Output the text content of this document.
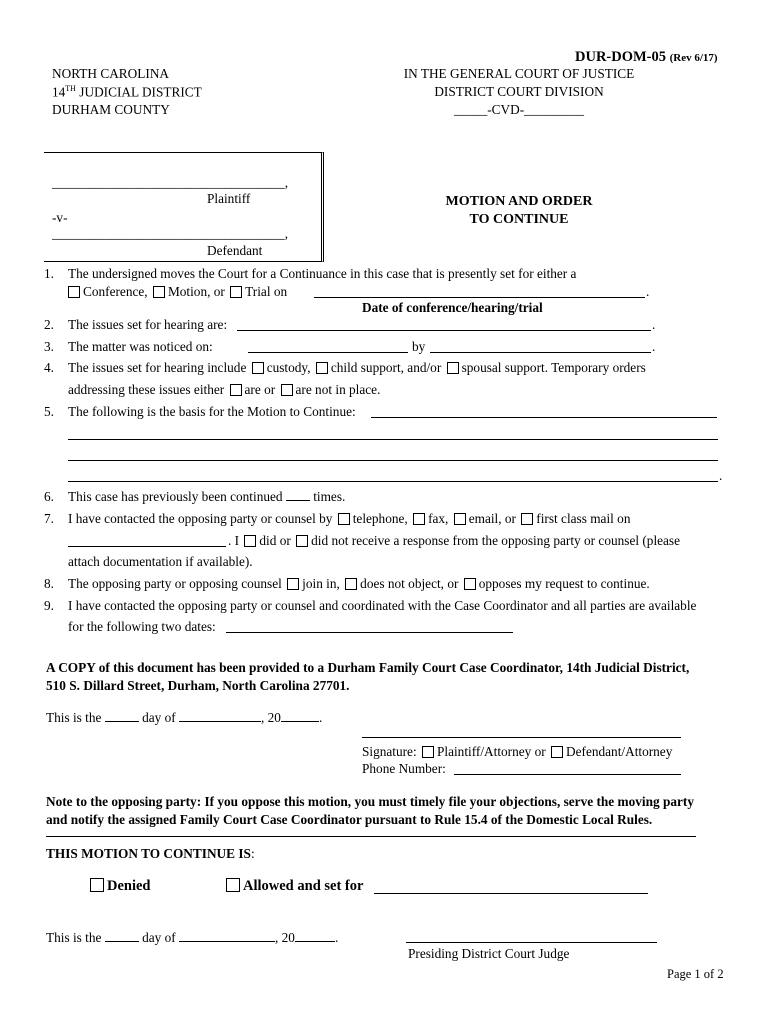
DUR-DOM-05 (Rev 6/17)
NORTH CAROLINA
14TH JUDICIAL DISTRICT
DURHAM COUNTY
IN THE GENERAL COURT OF JUSTICE
DISTRICT COURT DIVISION
_____-CVD-_________
___________________________________,
Plaintiff
-v-
___________________________________,
Defendant
MOTION AND ORDER
TO CONTINUE
1. The undersigned moves the Court for a Continuance in this case that is presently set for either a
Conference, Motion, or Trial on	.
Date of conference/hearing/trial
2. The issues set for hearing are:	.
3. The matter was noticed on:	by	.
4. The issues set for hearing include custody, child support, and/or spousal support. Temporary orders
addressing these issues either are or are not in place.
5. The following is the basis for the Motion to Continue:
.
6. This case has previously been continued times.
7. I have contacted the opposing party or counsel by telephone, fax, email, or first class mail on
. I did or did not receive a response from the opposing party or counsel (please
attach documentation if available).
8. The opposing party or opposing counsel join in, does not object, or opposes my request to continue.
9. I have contacted the opposing party or counsel and coordinated with the Case Coordinator and all parties are available
for the following two dates:
A COPY of this document has been provided to a Durham Family Court Case Coordinator, 14th Judicial District,
510 S. Dillard Street, Durham, North Carolina 27701.
This is the	day of	, 20	.
Signature: Plaintiff/Attorney or Defendant/Attorney
Phone Number:
Note to the opposing party: If you oppose this motion, you must timely file your objections, serve the moving party
and notify the assigned Family Court Case Coordinator pursuant to Rule 15.4 of the Domestic Local Rules.
THIS MOTION TO CONTINUE IS:
Denied	Allowed and set for
This is the	day of	, 20	.
Presiding District Court Judge
Page 1 of 2
